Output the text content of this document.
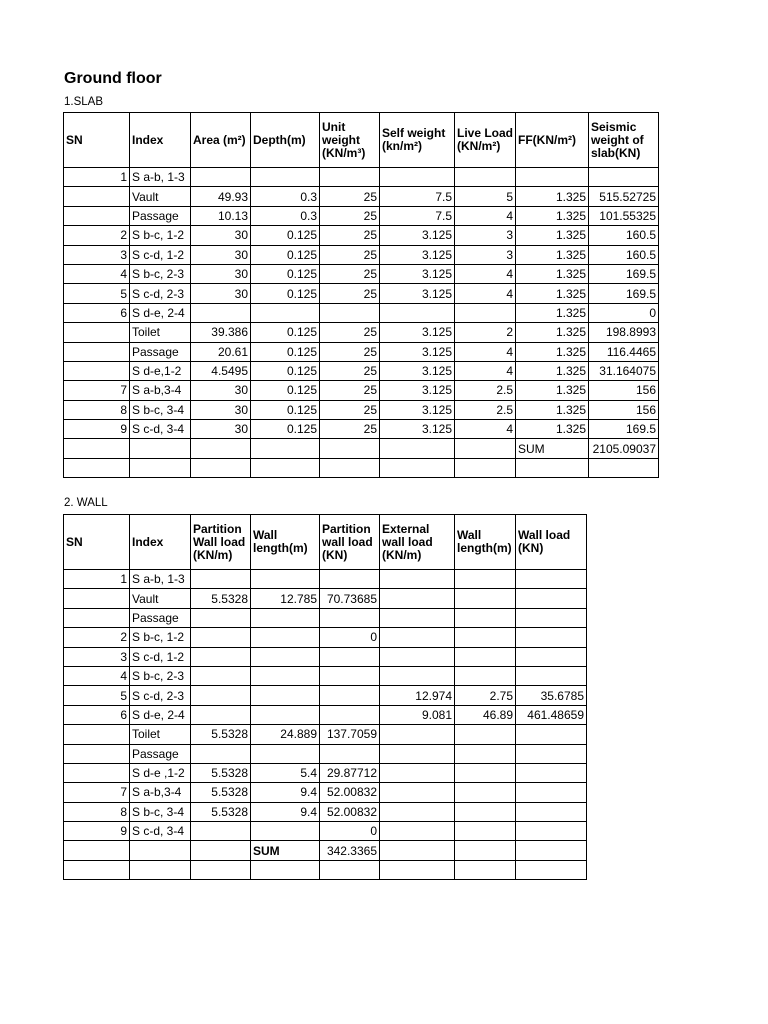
Ground floor
1.SLAB
SN	Index	Area (m²)	Depth(m)	Unit weight (KN/m³)	Self weight (kn/m²)	Live Load (KN/m²)	FF(KN/m²)	Seismic weight of slab(KN)
1	S a-b, 1-3							
	Vault	49.93	0.3	25	7.5	5	1.325	515.52725
	Passage	10.13	0.3	25	7.5	4	1.325	101.55325
2	S b-c, 1-2	30	0.125	25	3.125	3	1.325	160.5
3	S c-d, 1-2	30	0.125	25	3.125	3	1.325	160.5
4	S b-c, 2-3	30	0.125	25	3.125	4	1.325	169.5
5	S c-d, 2-3	30	0.125	25	3.125	4	1.325	169.5
6	S d-e, 2-4						1.325	0
	Toilet	39.386	0.125	25	3.125	2	1.325	198.8993
	Passage	20.61	0.125	25	3.125	4	1.325	116.4465
	S d-e,1-2	4.5495	0.125	25	3.125	4	1.325	31.164075
7	S a-b,3-4	30	0.125	25	3.125	2.5	1.325	156
8	S b-c, 3-4	30	0.125	25	3.125	2.5	1.325	156
9	S c-d, 3-4	30	0.125	25	3.125	4	1.325	169.5
							SUM	2105.09037

2. WALL
SN	Index	Partition Wall load (KN/m)	Wall length(m)	Partition wall load (KN)	External wall load (KN/m)	Wall length(m)	Wall load (KN)
1	S a-b, 1-3						
	Vault	5.5328	12.785	70.73685			
	Passage						
2	S b-c, 1-2			0			
3	S c-d, 1-2						
4	S b-c, 2-3						
5	S c-d, 2-3				12.974	2.75	35.6785
6	S d-e, 2-4				9.081	46.89	461.48659
	Toilet	5.5328	24.889	137.7059			
	Passage						
	S d-e ,1-2	5.5328	5.4	29.87712			
7	S a-b,3-4	5.5328	9.4	52.00832			
8	S b-c, 3-4	5.5328	9.4	52.00832			
9	S c-d, 3-4			0			
			SUM	342.3365			
